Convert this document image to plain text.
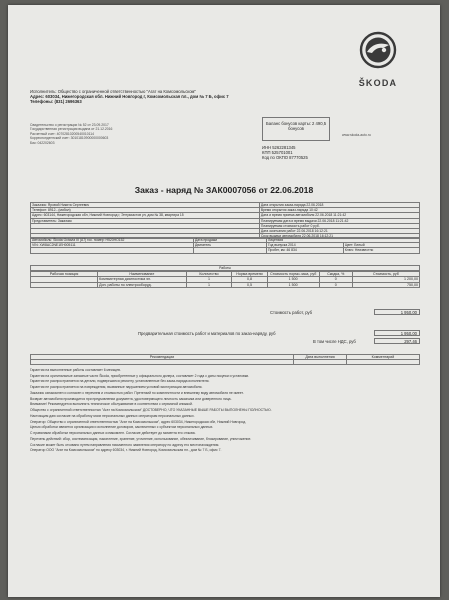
Исполнитель: Общество с ограниченной ответственностью "Агат на Комсомольском"
Адрес: 603034, Нижегородская обл. Нижний Новгород г, Комсомольская пл., дом № 7 Б, офис 7
Телефоны: (831) 2696363
Свидетельство о регистрации № 52 от 23.09.2017
Государственная регистрация выдана от 21.12.2016
Расчетный счет: 40702810200540010114
Корреспондентский счет: 30101810900000000603
Бик: 042202603
ŠKODA
Баланс бонусов карты: 2 490,5 бонусов
www.skoda-auto.ru
ИНН 5262281345
КПП 525701001
Код по ОКПО 87770525
Заказ - наряд № ЗАК0007056 от 22.06.2018
Заказчик: Яровой Никита Сергеевич	Дата открытия заказ-наряда 22.06.2018
Телефон: 8912...(мобил)	Время открытия заказ-наряда 10:42
Адрес: 603144, Нижегородская обл, Нижний Новгород г, Энтузиастов ул, дом № 38, квартира 15	Дата и время приема автомобиля 22.06.2018 11:21:42
Представитель: Заказчик	Планируемая дата и время выдачи 22.06.2018 11:21:42
	Планируемая стоимость работ 0 руб.
	Дата окончания работ 22.06.2018 16:12:21
	Срок выдачи автомобиля 22.06.2018 16:12:21
Автомобиль: Škoda Octavia III (A7) гос. номер: Н520НО152	Дата продажи	Лицензия	
VIN: XW8AC2NE1EH005111	Двигатель	Год выпуска 2014	Цвет: Белый
		Пробег, км: 46 834	Ключ: Неизвестно
Работы
Рабочая позиция	Наименование	Количество	Норма времени	Стоимость нормо-часа, руб	Скидка, %	Стоимость, руб
	Компьютерная диагностика эл.	1	0,8	1 500	0	1 200,00
	Доп. работы по электрооборуд.	1	0,5	1 500	0	750,00
Стоимость работ, руб	1 950,00
Предварительная стоимость работ и материалов по заказ-наряду, руб	1 950,00
В том числе НДС, руб	297,46
Рекомендации	Дата выполнения	Комментарий

Гарантия на выполненные работы составляет 6 месяцев.
Гарантия на оригинальные запасные части Škoda, приобретенные у официального дилера, составляет 2 года с даты покупки и установки.
Гарантия не распространяется на детали, подвергшиеся ремонту, установленные без заказ-наряда исполнителя.
Гарантия не распространяется на повреждения, вызванные нарушением условий эксплуатации автомобиля.
Заказчик ознакомлен и согласен с перечнем и стоимостью работ. Претензий по комплектности и внешнему виду автомобиля не имеет.
Возврат автомобиля производится при предъявлении документа, удостоверяющего личность заказчика или доверенного лица.
Внимание! Рекомендуется выполнять техническое обслуживание в соответствии с сервисной книжкой.
Общество с ограниченной ответственностью "Агат на Комсомольском" ДОСТОВЕРНО, ЧТО УКАЗАННЫЕ ВЫШЕ РАБОТЫ ВЫПОЛНЕНЫ ПОЛНОСТЬЮ.
Настоящим даю согласие на обработку моих персональных данных операторам персональных данных.
Оператор: Общество с ограниченной ответственностью "Агат на Комсомольском", адрес 603034, Нижегородская обл, Нижний Новгород.
Целью обработки является организация и исполнение договоров, заключенных с субъектом персональных данных.
С правилами обработки персональных данных ознакомлен. Согласие действует до момента его отзыва.
Перечень действий: сбор, систематизация, накопление, хранение, уточнение, использование, обезличивание, блокирование, уничтожение.
Согласие может быть отозвано путем направления письменного заявления оператору по адресу его местонахождения.
Оператор ООО "Агат на Комсомольском" по адресу 603034, г. Нижний Новгород, Комсомольская пл., дом № 7 Б, офис 7.
